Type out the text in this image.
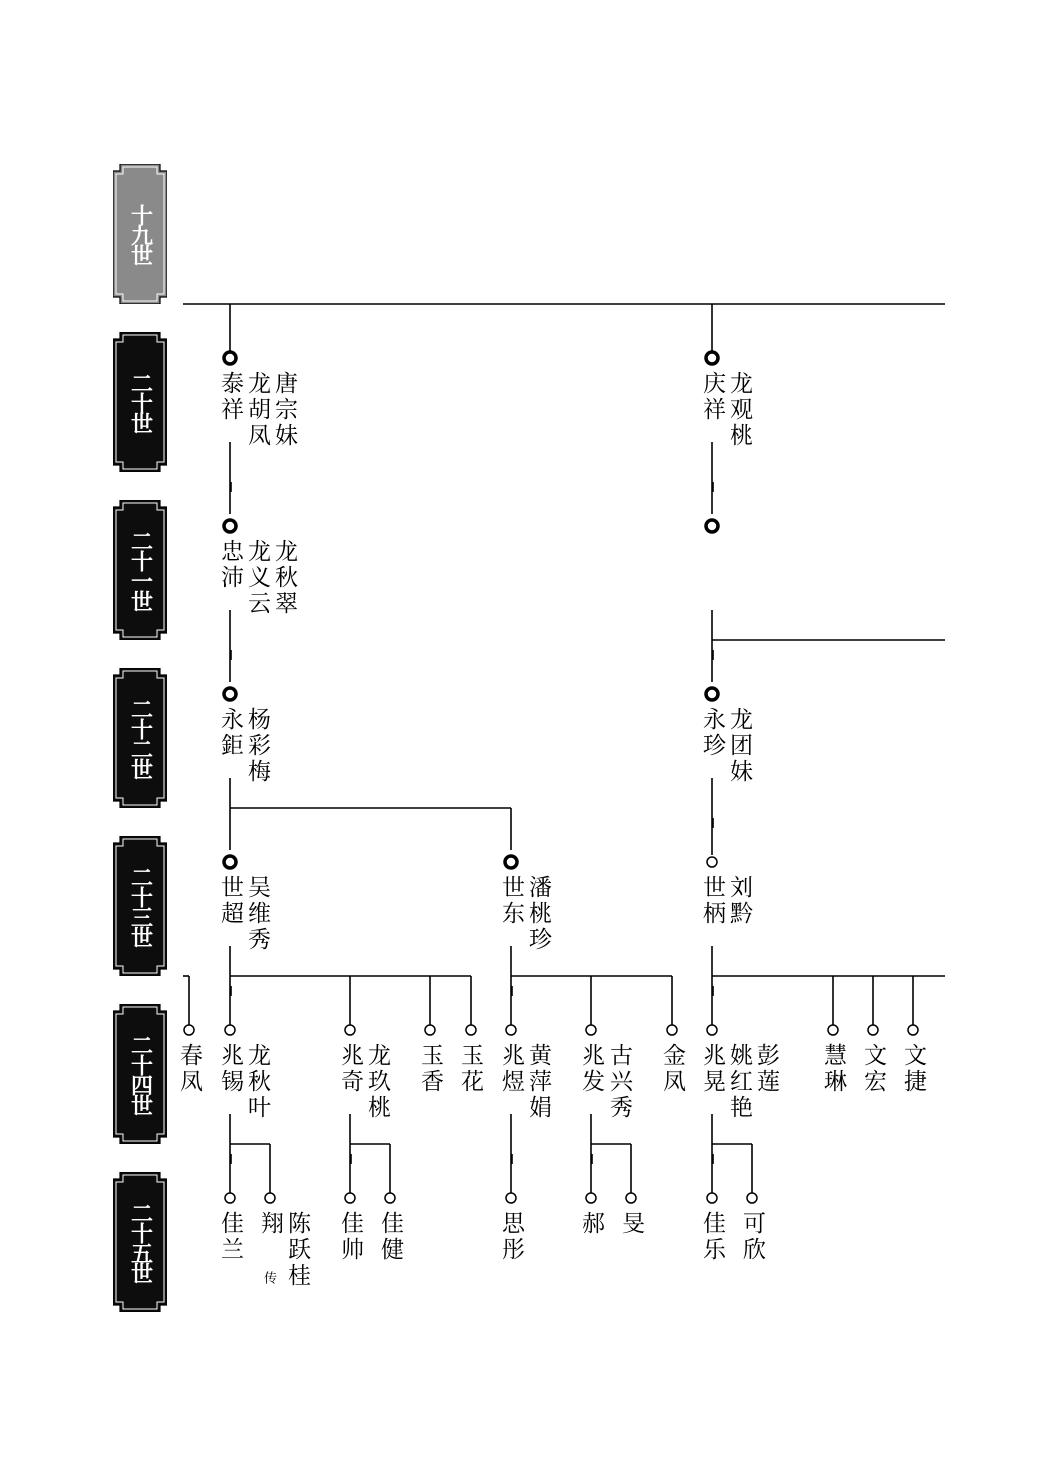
十九世
二十世
二十一世
二十二世
二十三世
二十四世
二十五世
泰祥 龙胡凤 唐宗妹	庆祥 龙观桃
忠沛 龙义云 龙秋翠
永鉅 杨彩梅	永珍 龙团妹
世超 吴维秀	世东 潘桃珍	世柄 刘黔
春凤 兆锡 龙秋叶	兆奇 龙玖桃 玉香 玉花 兆煜 黄萍娟 兆发 古兴秀 金凤 兆晃 姚红艳 彭莲 慧琳 文宏 文捷
佳兰 翔
传 陈跃桂 佳帅 佳健	思彤 郝 旻 佳乐 可欣
